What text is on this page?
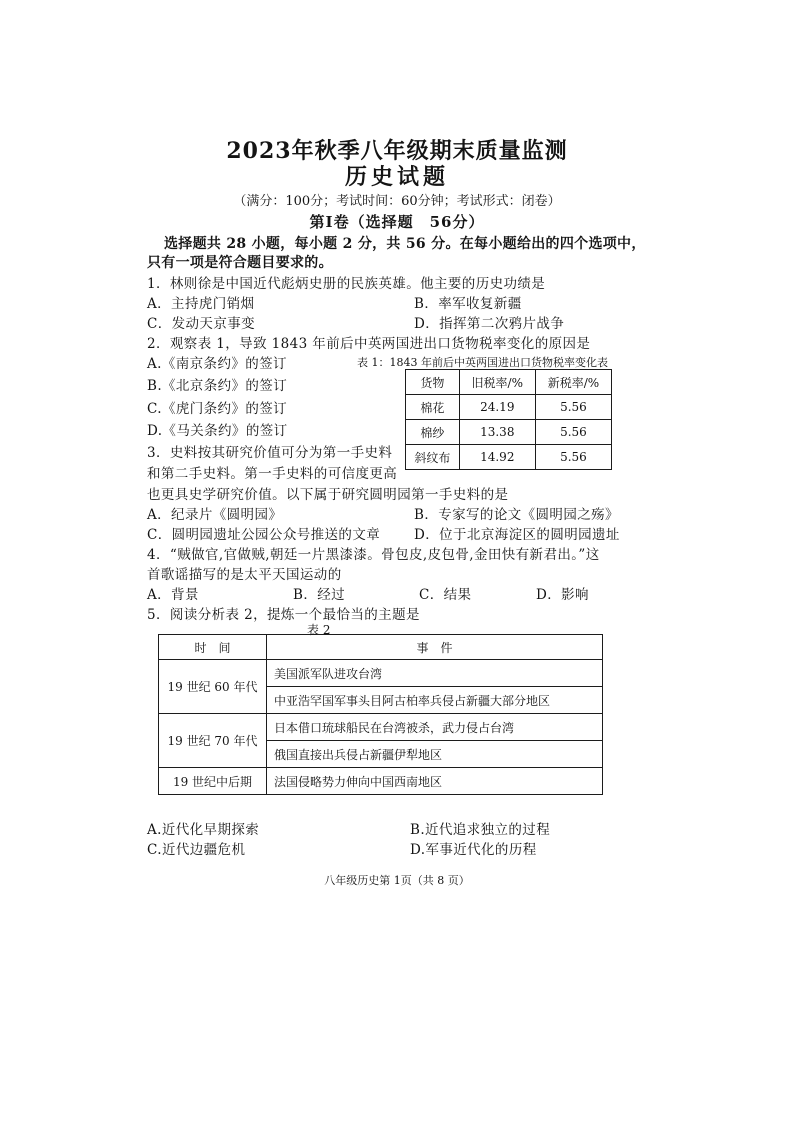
2023年秋季八年级期末质量监测
历史试题
（满分：100分；考试时间：60分钟；考试形式：闭卷）
第Ⅰ卷（选择题　56分）
选择题共 28 小题，每小题 2 分，共 56 分。在每小题给出的四个选项中，
只有一项是符合题目要求的。
1．林则徐是中国近代彪炳史册的民族英雄。他主要的历史功绩是
A．主持虎门销烟	B．率军收复新疆
C．发动天京事变	D．指挥第二次鸦片战争
2．观察表 1，导致 1843 年前后中英两国进出口货物税率变化的原因是
A.《南京条约》的签订	表 1：1843 年前后中英两国进出口货物税率变化表
B.《北京条约》的签订
C.《虎门条约》的签订
D.《马关条约》的签订
货物	旧税率/%	新税率/%
棉花	24.19	5.56
棉纱	13.38	5.56
斜纹布	14.92	5.56
3．史料按其研究价值可分为第一手史料
和第二手史料。第一手史料的可信度更高
也更具史学研究价值。以下属于研究圆明园第一手史料的是
A．纪录片《圆明园》	B．专家写的论文《圆明园之殇》
C．圆明园遗址公园公众号推送的文章	D．位于北京海淀区的圆明园遗址
4．“贼做官,官做贼,朝廷一片黑漆漆。骨包皮,皮包骨,金田快有新君出。”这
首歌谣描写的是太平天国运动的
A．背景	B．经过	C．结果	D．影响
5．阅读分析表 2，提炼一个最恰当的主题是
表 2
时　间	事　件
19 世纪 60 年代	美国派军队进攻台湾
	中亚浩罕国军事头目阿古柏率兵侵占新疆大部分地区
19 世纪 70 年代	日本借口琉球船民在台湾被杀，武力侵占台湾
	俄国直接出兵侵占新疆伊犁地区
19 世纪中后期	法国侵略势力伸向中国西南地区
A.近代化早期探索	B.近代追求独立的过程
C.近代边疆危机	D.军事近代化的历程
八年级历史第 1页（共 8 页）
